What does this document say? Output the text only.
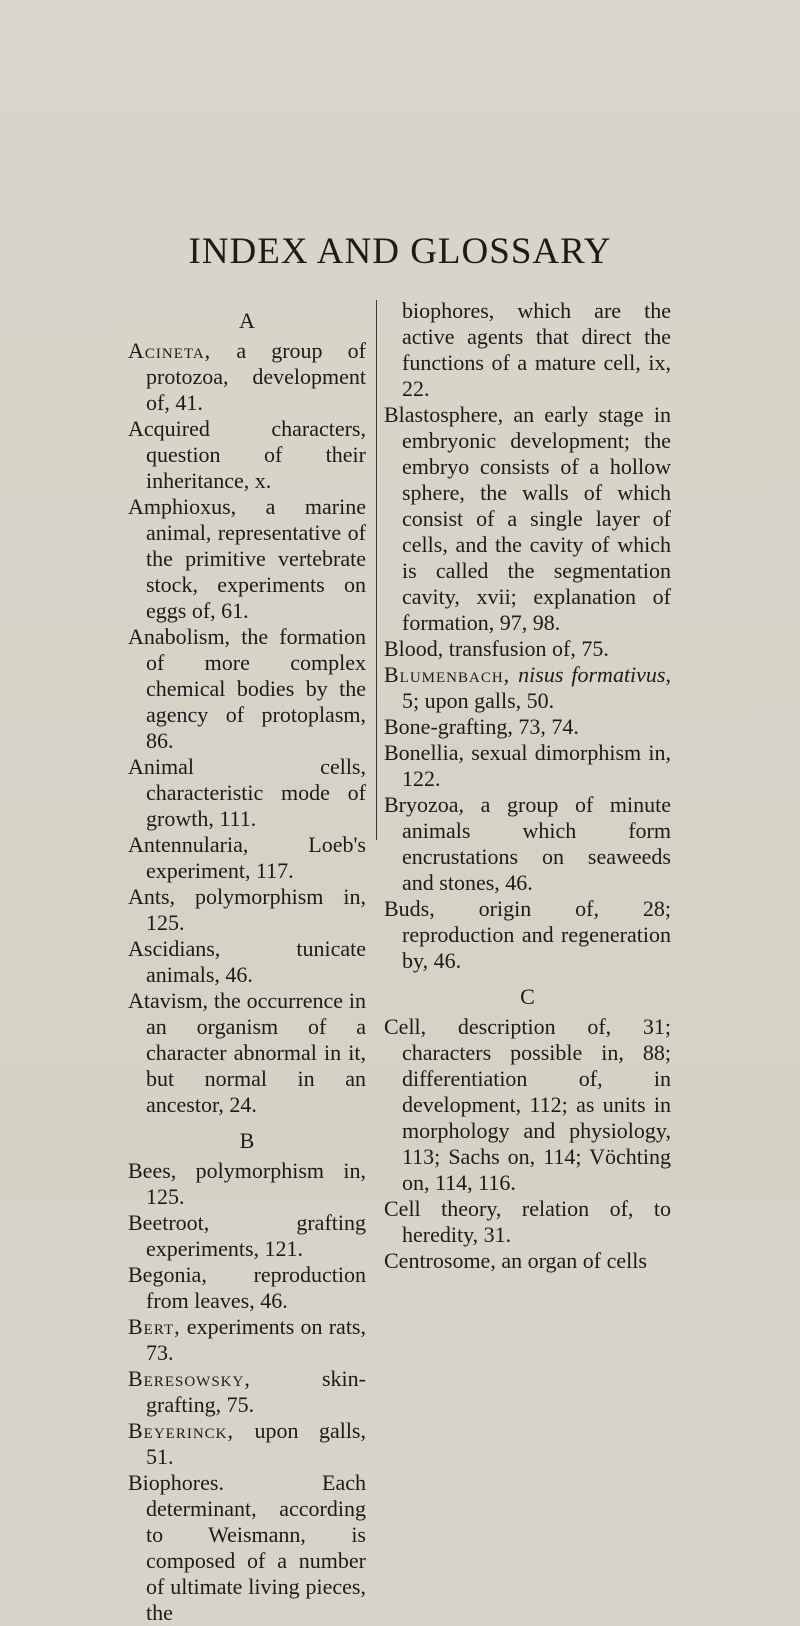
INDEX AND GLOSSARY
A

Acineta, a group of protozoa, development of, 41.

Acquired characters, question of their inheritance, x.

Amphioxus, a marine animal, representative of the primitive vertebrate stock, experiments on eggs of, 61.

Anabolism, the formation of more complex chemical bodies by the agency of protoplasm, 86.

Animal cells, characteristic mode of growth, 111.

Antennularia, Loeb's experiment, 117.

Ants, polymorphism in, 125.

Ascidians, tunicate animals, 46.

Atavism, the occurrence in an organism of a character abnormal in it, but normal in an ancestor, 24.

B

Bees, polymorphism in, 125.

Beetroot, grafting experiments, 121.

Begonia, reproduction from leaves, 46.

Bert, experiments on rats, 73.

Beresowsky, skin-grafting, 75.

Beyerinck, upon galls, 51.

Biophores. Each determinant, according to Weismann, is composed of a number of ultimate living pieces, the

biophores, which are the active agents that direct the functions of a mature cell, ix, 22.

Blastosphere, an early stage in embryonic development; the embryo consists of a hollow sphere, the walls of which consist of a single layer of cells, and the cavity of which is called the segmentation cavity, xvii; explanation of formation, 97, 98.

Blood, transfusion of, 75.

Blumenbach, nisus formativus, 5; upon galls, 50.

Bone-grafting, 73, 74.

Bonellia, sexual dimorphism in, 122.

Bryozoa, a group of minute animals which form encrustations on seaweeds and stones, 46.

Buds, origin of, 28; reproduction and regeneration by, 46.

C

Cell, description of, 31; characters possible in, 88; differentiation of, in development, 112; as units in morphology and physiology, 113; Sachs on, 114; Vöchting on, 114, 116.

Cell theory, relation of, to heredity, 31.

Centrosome, an organ of cells
